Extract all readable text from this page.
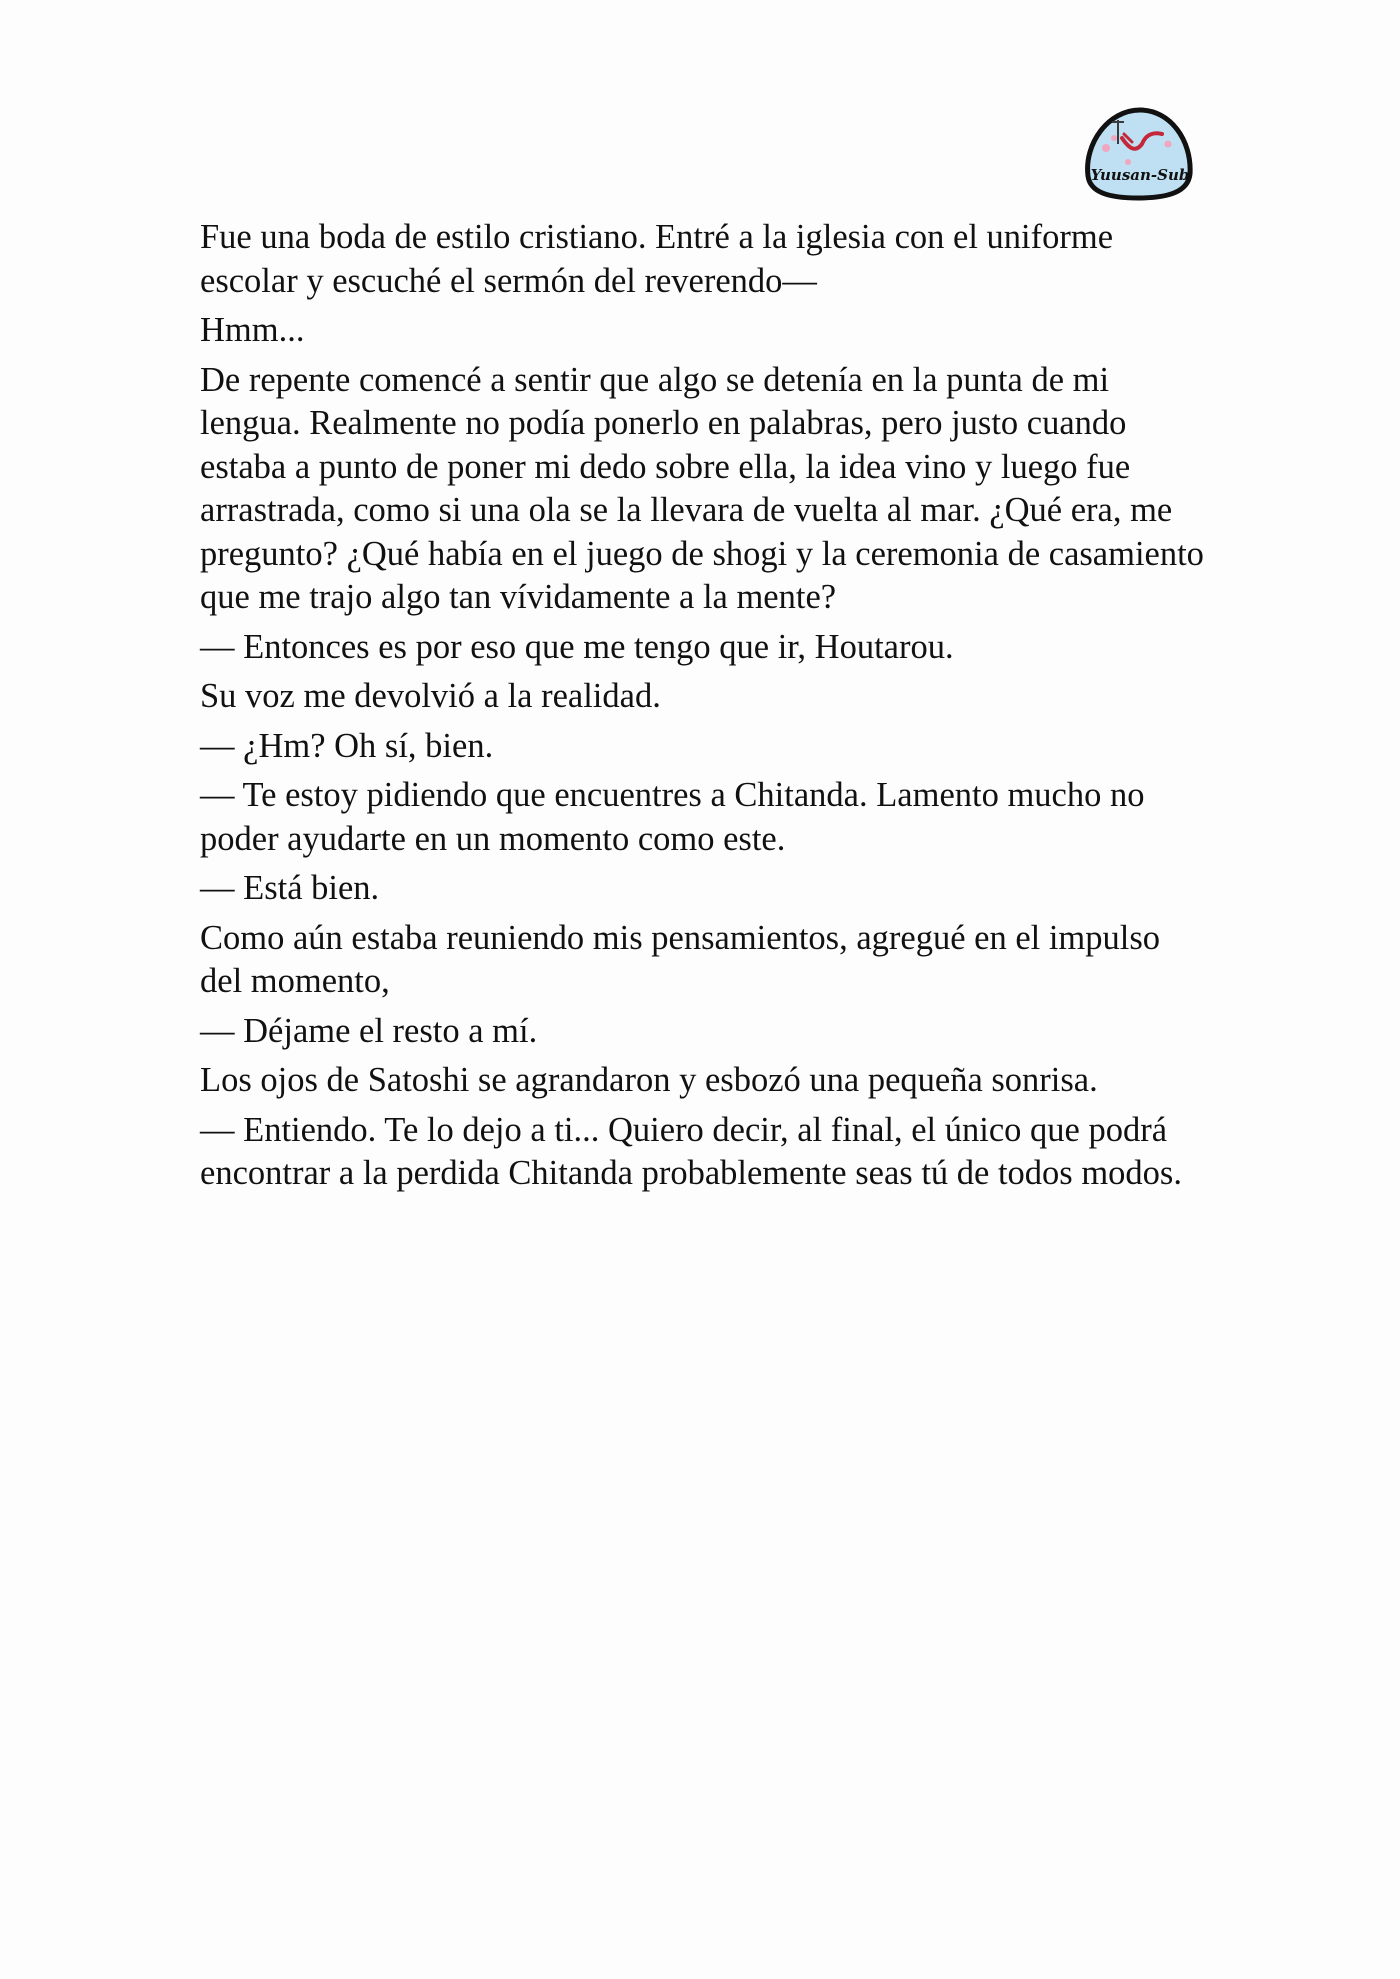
Yuusan-Sub

Fue una boda de estilo cristiano. Entré a la iglesia con el uniforme escolar y escuché el sermón del reverendo—

Hmm...

De repente comencé a sentir que algo se detenía en la punta de mi lengua. Realmente no podía ponerlo en palabras, pero justo cuando estaba a punto de poner mi dedo sobre ella, la idea vino y luego fue arrastrada, como si una ola se la llevara de vuelta al mar. ¿Qué era, me pregunto? ¿Qué había en el juego de shogi y la ceremonia de casamiento que me trajo algo tan vívidamente a la mente?

— Entonces es por eso que me tengo que ir, Houtarou.

Su voz me devolvió a la realidad.

— ¿Hm? Oh sí, bien.

— Te estoy pidiendo que encuentres a Chitanda. Lamento mucho no poder ayudarte en un momento como este.

— Está bien.

Como aún estaba reuniendo mis pensamientos, agregué en el impulso del momento,

— Déjame el resto a mí.

Los ojos de Satoshi se agrandaron y esbozó una pequeña sonrisa.

— Entiendo. Te lo dejo a ti... Quiero decir, al final, el único que podrá encontrar a la perdida Chitanda probablemente seas tú de todos modos.
